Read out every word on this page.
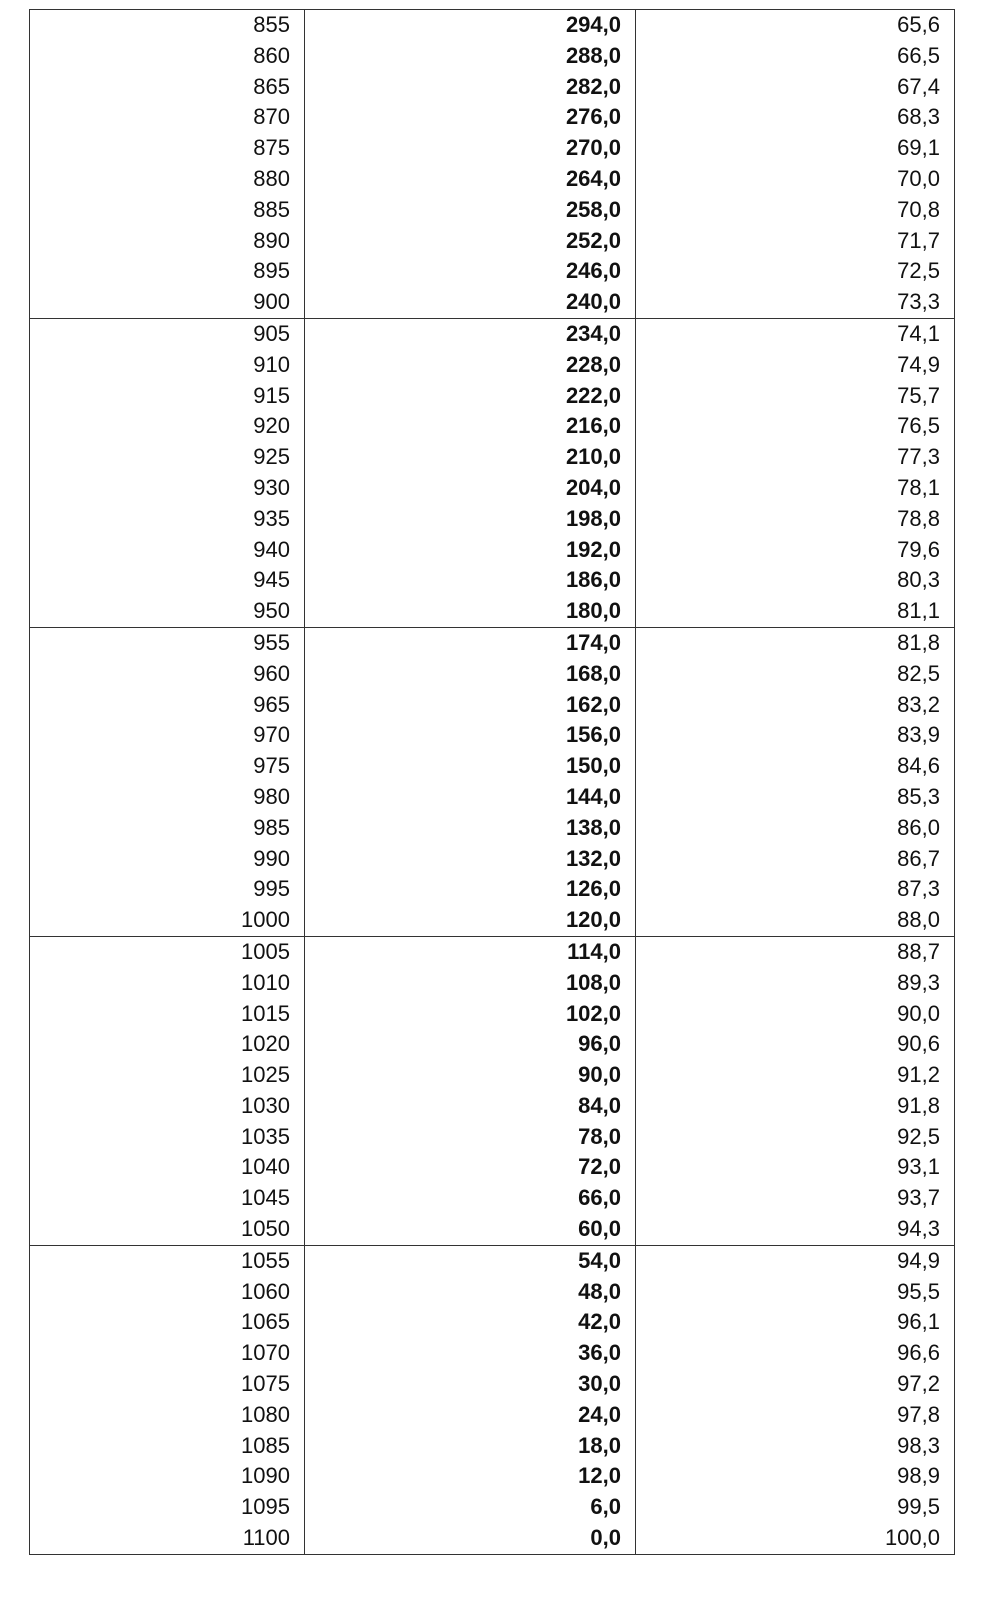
855	294,0	65,6
860	288,0	66,5
865	282,0	67,4
870	276,0	68,3
875	270,0	69,1
880	264,0	70,0
885	258,0	70,8
890	252,0	71,7
895	246,0	72,5
900	240,0	73,3
905	234,0	74,1
910	228,0	74,9
915	222,0	75,7
920	216,0	76,5
925	210,0	77,3
930	204,0	78,1
935	198,0	78,8
940	192,0	79,6
945	186,0	80,3
950	180,0	81,1
955	174,0	81,8
960	168,0	82,5
965	162,0	83,2
970	156,0	83,9
975	150,0	84,6
980	144,0	85,3
985	138,0	86,0
990	132,0	86,7
995	126,0	87,3
1000	120,0	88,0
1005	114,0	88,7
1010	108,0	89,3
1015	102,0	90,0
1020	96,0	90,6
1025	90,0	91,2
1030	84,0	91,8
1035	78,0	92,5
1040	72,0	93,1
1045	66,0	93,7
1050	60,0	94,3
1055	54,0	94,9
1060	48,0	95,5
1065	42,0	96,1
1070	36,0	96,6
1075	30,0	97,2
1080	24,0	97,8
1085	18,0	98,3
1090	12,0	98,9
1095	6,0	99,5
1100	0,0	100,0
